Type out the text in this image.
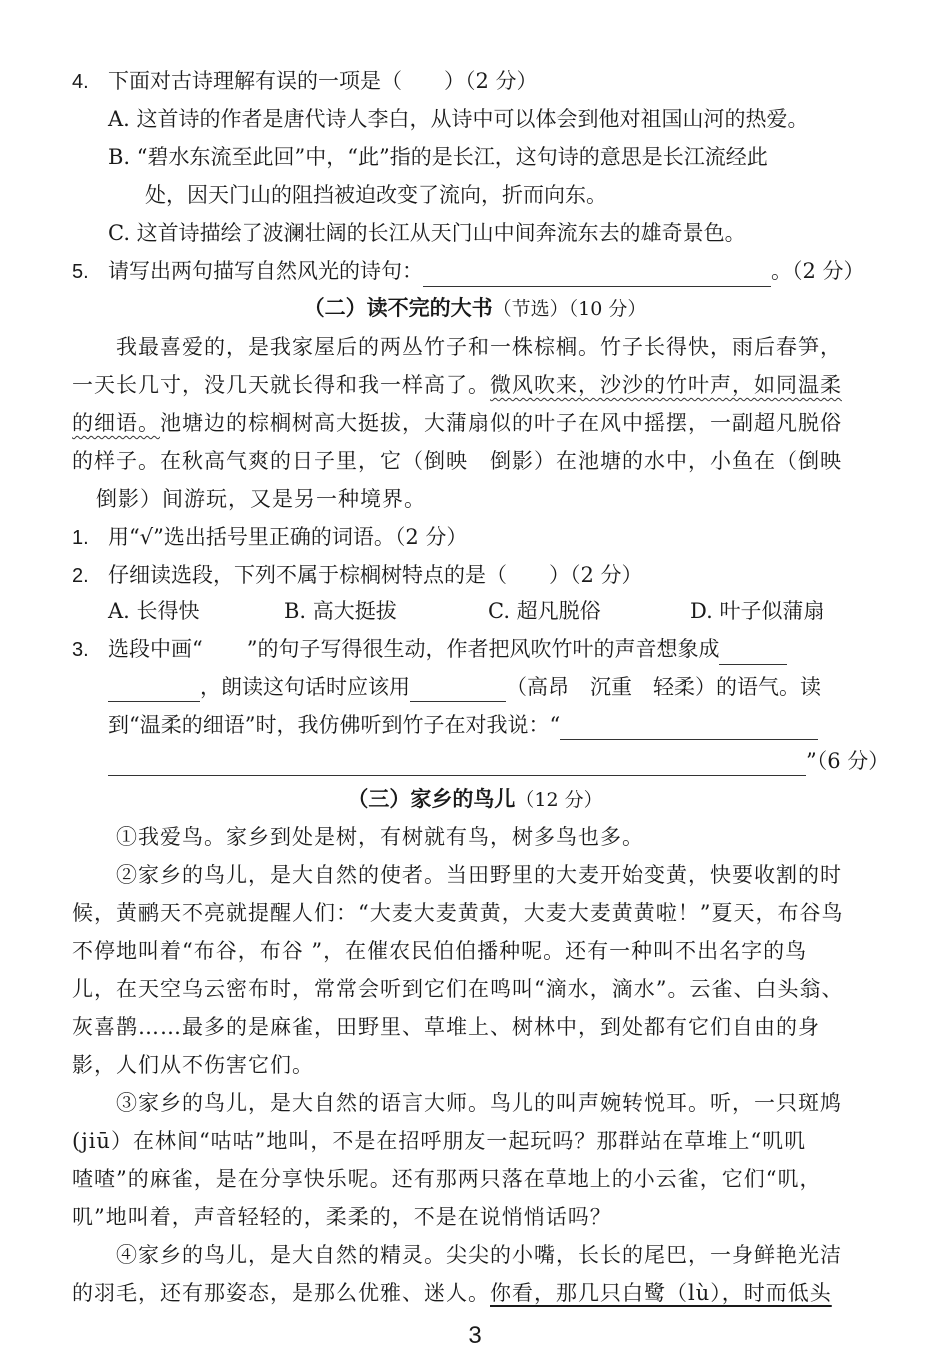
4. 下面对古诗理解有误的一项是（　　）（2 分）
A. 这首诗的作者是唐代诗人李白，从诗中可以体会到他对祖国山河的热爱。
B. “碧水东流至此回”中，“此”指的是长江，这句诗的意思是长江流经此
处，因天门山的阻挡被迫改变了流向，折而向东。
C. 这首诗描绘了波澜壮阔的长江从天门山中间奔流东去的雄奇景色。
5. 请写出两句描写自然风光的诗句：	。（2 分）
（二）读不完的大书（节选）（10 分）
我最喜爱的，是我家屋后的两丛竹子和一株棕榈。竹子长得快，雨后春笋，
一天长几寸，没几天就长得和我一样高了。微风吹来，沙沙的竹叶声，如同温柔
的细语。池塘边的棕榈树高大挺拔，大蒲扇似的叶子在风中摇摆，一副超凡脱俗
的样子。在秋高气爽的日子里，它（倒映　倒影）在池塘的水中，小鱼在（倒映
倒影）间游玩，又是另一种境界。
1. 用“√”选出括号里正确的词语。（2 分）
2. 仔细读选段，下列不属于棕榈树特点的是（　　）（2 分）
A. 长得快	B. 高大挺拔	C. 超凡脱俗	D. 叶子似蒲扇
3. 选段中画“ ”的句子写得很生动，作者把风吹竹叶的声音想象成
，朗读这句话时应该用	（高昂　沉重　轻柔）的语气。读
到“温柔的细语”时，我仿佛听到竹子在对我说：“
”（6 分）
（三）家乡的鸟儿（12 分）
①我爱鸟。家乡到处是树，有树就有鸟，树多鸟也多。
②家乡的鸟儿，是大自然的使者。当田野里的大麦开始变黄，快要收割的时
候，黄鹂天不亮就提醒人们：“大麦大麦黄黄，大麦大麦黄黄啦！”夏天，布谷鸟
不停地叫着“布谷，布谷 ”，在催农民伯伯播种呢。还有一种叫不出名字的鸟
儿，在天空乌云密布时，常常会听到它们在鸣叫“滴水，滴水”。云雀、白头翁、
灰喜鹊……最多的是麻雀，田野里、草堆上、树林中，到处都有它们自由的身
影，人们从不伤害它们。
③家乡的鸟儿，是大自然的语言大师。鸟儿的叫声婉转悦耳。听，一只斑鸠
(jiū）在林间“咕咕”地叫，不是在招呼朋友一起玩吗？那群站在草堆上“叽叽
喳喳”的麻雀，是在分享快乐呢。还有那两只落在草地上的小云雀，它们“叽，
叽”地叫着，声音轻轻的，柔柔的，不是在说悄悄话吗？
④家乡的鸟儿，是大自然的精灵。尖尖的小嘴，长长的尾巴，一身鲜艳光洁
的羽毛，还有那姿态，是那么优雅、迷人。你看，那几只白鹭（lù），时而低头
3
